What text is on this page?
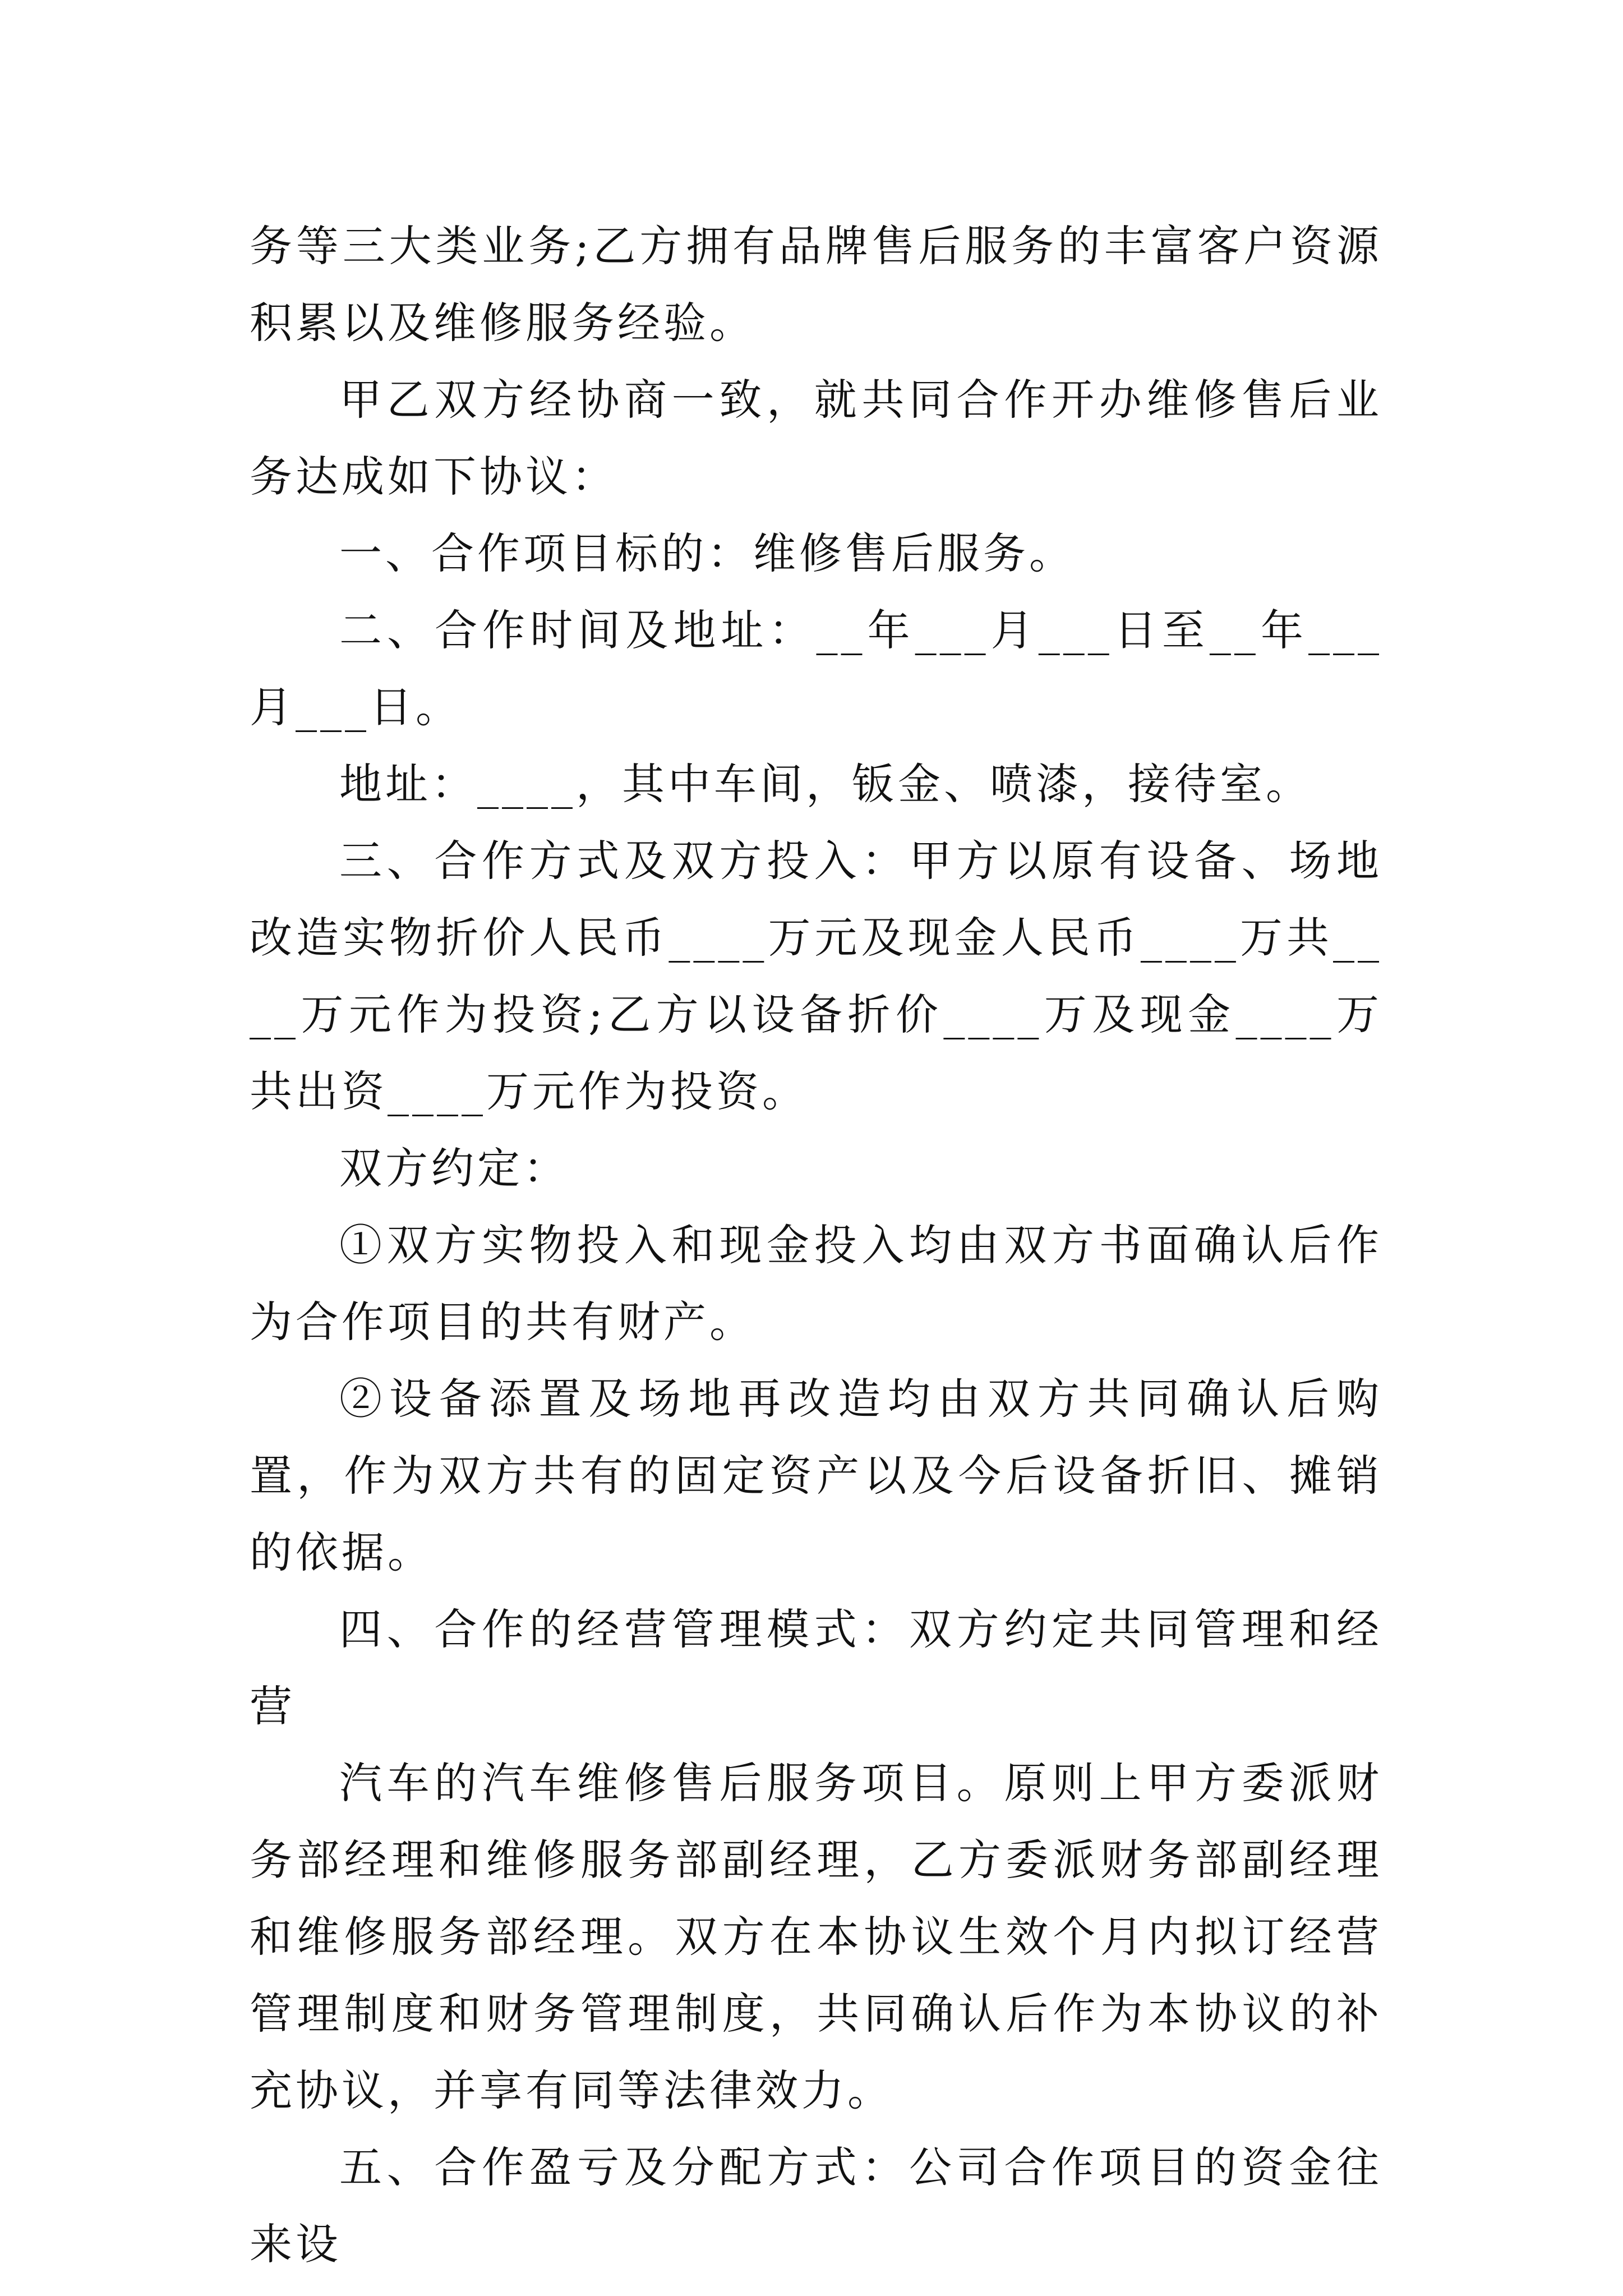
务等三大类业务;乙方拥有品牌售后服务的丰富客户资源积累以及维修服务经验。

甲乙双方经协商一致，就共同合作开办维修售后业务达成如下协议：

一、合作项目标的：维修售后服务。

二、合作时间及地址：__年___月___日至__年___月___日。

地址：____，其中车间，钣金、喷漆，接待室。

三、合作方式及双方投入：甲方以原有设备、场地改造实物折价人民币____万元及现金人民币____万共____万元作为投资;乙方以设备折价____万及现金____万共出资____万元作为投资。

双方约定：

①双方实物投入和现金投入均由双方书面确认后作为合作项目的共有财产。

②设备添置及场地再改造均由双方共同确认后购置，作为双方共有的固定资产以及今后设备折旧、摊销的依据。

四、合作的经营管理模式：双方约定共同管理和经营

汽车的汽车维修售后服务项目。原则上甲方委派财务部经理和维修服务部副经理，乙方委派财务部副经理和维修服务部经理。双方在本协议生效个月内拟订经营管理制度和财务管理制度，共同确认后作为本协议的补充协议，并享有同等法律效力。

五、合作盈亏及分配方式：公司合作项目的资金往来设
